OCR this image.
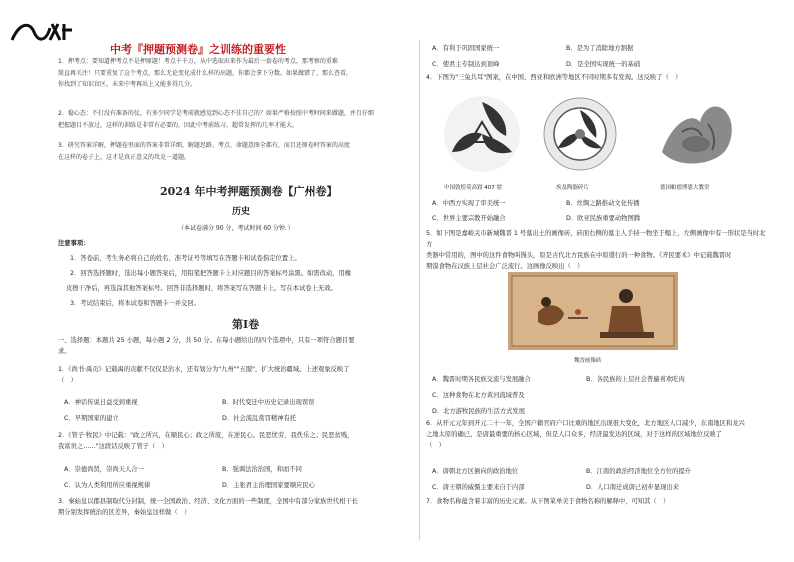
中考『押题预测卷』之训练的重要性
1．押考点：要知道押考点不是押原题！考点千千万，从中选取出来作为最后一套卷的考点，那考察的重难
简直再关注！只要重复了这个考点，那么无论变化成什么样的出题，你都会拿下分数。如果做错了，那么查看，
你找到了知识盲区，未来中考再出上又能多得几分。
2．稳心态：不打没有准备的仗，有多少同学是考前就感觉到心态不佳自己的？如果严格按照中考时间来做题，并且仔细
把握题目不放过，这样的训练是非常有必要的，因此中考前练习，超常发挥的几率才能大。
3．研究答案详解，押题卷里面的答案非常详细，解题思路、考点、命题意图全都有，而且还原卷时答案的高度
在这样的卷子上，这才是真正意义的攻克一道题。
2024 年中考押题预测卷【广州卷】
历史
（本试卷满分 90 分，考试时间 60 分钟．）
注意事项：
1．答卷前，考生务必将自己的姓名、准考证号等填写在答题卡和试卷指定位置上。
2．回答选择题时，选出每小题答案后，用铅笔把答题卡上对应题目的答案标号涂黑。如需改动，用橡
皮擦干净后，再选涂其他答案标号。回答非选择题时，将答案写在答题卡上。写在本试卷上无效。
3．考试结束后，将本试卷和答题卡一并交回。
第Ⅰ卷
一、选择题：本题共 25 小题，每小题 2 分，共 50 分。在每小题给出的四个选项中，只有一项符合题目要
求。
1．《尚书·禹贡》记载禹的贡献不仅仅是治水，还有划分为"九州""五服"，扩大统治疆域。上述观象反映了
（　）
A．神话传说日益受到重视	B．时代变迁中历史记录出现误误
C．早期国家的建立	D．社会流乱赏罚精神有托
2．《管子·牧民》中记载："政之所兴，在顺民心；政之所废，在逆民心。民恶忧劳，我佚乐之；民恶贫贱，
我富贵之……"这段话反映了管子（　）
A．崇德尚贤，崇尚天人合一	B．强调法治治国，和而不同
C．认为人类利用所应重视规律	D．主张君主治理国家要顺应民心
3．秦始皇以郡县制取代分封制，统一全国政治、经济、文化方面的一些制度，全国中有部分家族世代相干长
期分别发挥统治的区差异，秦始皇这样做（　）
A．有利于巩固国家统一	B．是为了消除地方割据
C．使君主专制达到顶峰	D．是全国实现统一的基础
4．下图为"三兔共耳"图案，在中国、西亚和欧洲等地区不同时期多有发现。这反映了（　）
中国敦煌莫高窟 407 窟	埃及陶器碎片	德国帕德博恩大教堂
A．中西方实现了审美统一	B．丝绸之路推动文化传播
C．世界主要宗教开始融合	D．欧亚民族重要动物图腾
5．如下图是嘉峪关市新城魏晋 1 号墓出土的画像砖，砖面右侧的墓主人手持一物坐于榻上，左侧画像中有一形状是当时北方
类器中常用的，图中的这件食物叫馒头，原是古代北方民族在中原盛行的一种食物。《齐民要术》中记载魏晋时
期馍食物在汉族上层社会广泛流行。这画像反映出（　）
魏晋画像砖
A．魏晋时期各民族交流与发展融合	B．各民族的上层社会普遍喜欢吃肉
C．这种食物在北方黄河流域普及
D．北方游牧民族的生活方式发展
6．从开元元年到开元二十一年，全国户籍官府户口比重的地区出现很大变化，北方地区人口减少，东南地区和龙兴
之地太原的确已，是唐最重要的核心区域，但是人口众多，经济最发达的区域，对于这样的区域地位反映了
（　）
A．唐朝北方区倒向的政治地位	B．江南的政治经济地位全方位的提升
C．唐王朝的威慑主要来自于内部	D．人口南迁成唐已初步显现出来
7．食物名称蕴含着丰富的历史元素。从下图菜单美于食物名称的解释中，可知其（　）
